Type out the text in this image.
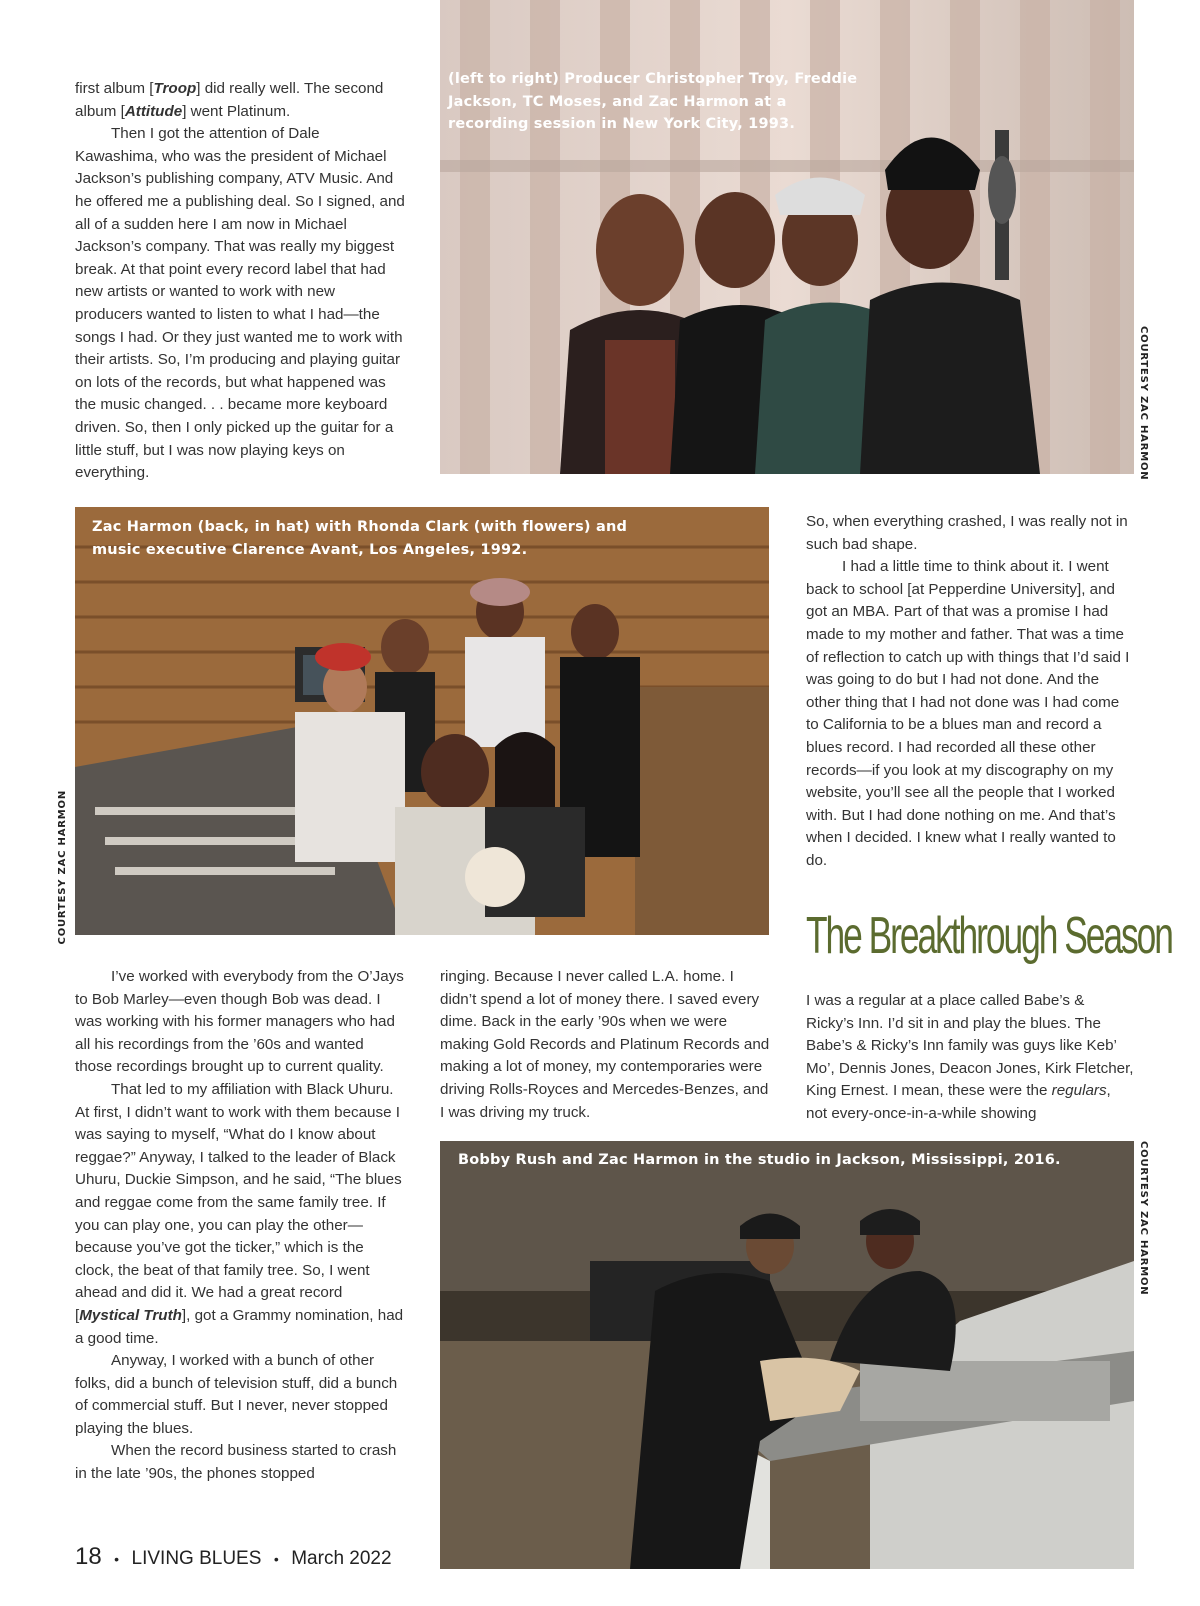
first album [Troop] did really well. The second album [Attitude] went Platinum.

Then I got the attention of Dale Kawashima, who was the president of Michael Jackson’s publishing company, ATV Music. And he offered me a publishing deal. So I signed, and all of a sudden here I am now in Michael Jackson’s company. That was really my biggest break. At that point every record label that had new artists or wanted to work with new producers wanted to listen to what I had—the songs I had. Or they just wanted me to work with their artists. So, I’m producing and playing guitar on lots of the records, but what happened was the music changed. . . became more keyboard driven. So, then I only picked up the guitar for a little stuff, but I was now playing keys on everything.

(left to right) Producer Christopher Troy, Freddie Jackson, TC Moses, and Zac Harmon at a recording session in New York City, 1993.
COURTESY ZAC HARMON
Zac Harmon (back, in hat) with Rhonda Clark (with flowers) and music executive Clarence Avant, Los Angeles, 1992.
COURTESY ZAC HARMON

So, when everything crashed, I was really not in such bad shape.

I had a little time to think about it. I went back to school [at Pepperdine University], and got an MBA. Part of that was a promise I had made to my mother and father. That was a time of reflection to catch up with things that I’d said I was going to do but I had not done. And the other thing that I had not done was I had come to California to be a blues man and record a blues record. I had recorded all these other records—if you look at my discography on my website, you’ll see all the people that I worked with. But I had done nothing on me. And that’s when I decided. I knew what I really wanted to do.

The Breakthrough Season

I’ve worked with everybody from the O’Jays to Bob Marley—even though Bob was dead. I was working with his former managers who had all his recordings from the ’60s and wanted those recordings brought up to current quality.

That led to my affiliation with Black Uhuru. At first, I didn’t want to work with them because I was saying to myself, “What do I know about reggae?” Anyway, I talked to the leader of Black Uhuru, Duckie Simpson, and he said, “The blues and reggae come from the same family tree. If you can play one, you can play the other—because you’ve got the ticker,” which is the clock, the beat of that family tree. So, I went ahead and did it. We had a great record [Mystical Truth], got a Grammy nomination, had a good time.

Anyway, I worked with a bunch of other folks, did a bunch of television stuff, did a bunch of commercial stuff. But I never, never stopped playing the blues.

When the record business started to crash in the late ’90s, the phones stopped

ringing. Because I never called L.A. home. I didn’t spend a lot of money there. I saved every dime. Back in the early ’90s when we were making Gold Records and Platinum Records and making a lot of money, my contemporaries were driving Rolls-Royces and Mercedes-Benzes, and I was driving my truck.

I was a regular at a place called Babe’s & Ricky’s Inn. I’d sit in and play the blues. The Babe’s & Ricky’s Inn family was guys like Keb’ Mo’, Dennis Jones, Deacon Jones, Kirk Fletcher, King Ernest. I mean, these were the regulars, not every-once-in-a-while showing

Bobby Rush and Zac Harmon in the studio in Jackson, Mississippi, 2016.	COURTESY ZAC HARMON
18 • LIVING BLUES • March 2022
